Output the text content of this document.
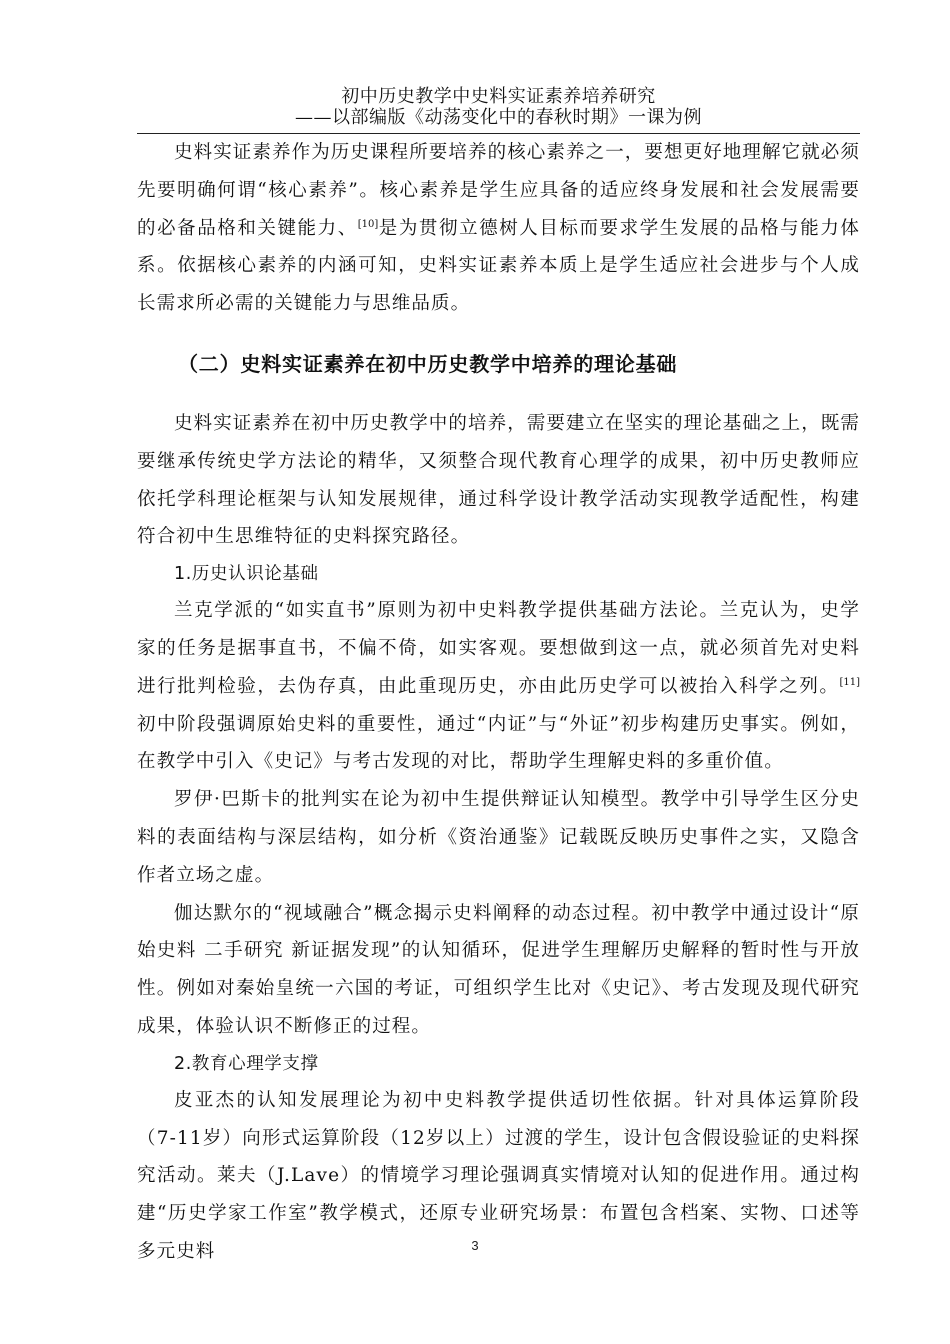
初中历史教学中史料实证素养培养研究
——以部编版《动荡变化中的春秋时期》一课为例

史料实证素养作为历史课程所要培养的核心素养之一，要想更好地理解它就必须先要明确何谓“核心素养”。核心素养是学生应具备的适应终身发展和社会发展需要的必备品格和关键能力、[10]是为贯彻立德树人目标而要求学生发展的品格与能力体系。依据核心素养的内涵可知，史料实证素养本质上是学生适应社会进步与个人成长需求所必需的关键能力与思维品质。

（二）史料实证素养在初中历史教学中培养的理论基础

史料实证素养在初中历史教学中的培养，需要建立在坚实的理论基础之上，既需要继承传统史学方法论的精华，又须整合现代教育心理学的成果，初中历史教师应依托学科理论框架与认知发展规律，通过科学设计教学活动实现教学适配性，构建符合初中生思维特征的史料探究路径。

1.历史认识论基础

兰克学派的“如实直书”原则为初中史料教学提供基础方法论。兰克认为，史学家的任务是据事直书，不偏不倚，如实客观。要想做到这一点，就必须首先对史料进行批判检验，去伪存真，由此重现历史，亦由此历史学可以被抬入科学之列。[11]初中阶段强调原始史料的重要性，通过“内证”与“外证”初步构建历史事实。例如，在教学中引入《史记》与考古发现的对比，帮助学生理解史料的多重价值。

罗伊·巴斯卡的批判实在论为初中生提供辩证认知模型。教学中引导学生区分史料的表面结构与深层结构，如分析《资治通鉴》记载既反映历史事件之实，又隐含作者立场之虚。

伽达默尔的“视域融合”概念揭示史料阐释的动态过程。初中教学中通过设计“原始史料 二手研究 新证据发现”的认知循环，促进学生理解历史解释的暂时性与开放性。例如对秦始皇统一六国的考证，可组织学生比对《史记》、考古发现及现代研究成果，体验认识不断修正的过程。

2.教育心理学支撑

皮亚杰的认知发展理论为初中史料教学提供适切性依据。针对具体运算阶段（7-11岁）向形式运算阶段（12岁以上）过渡的学生，设计包含假设验证的史料探究活动。莱夫（J.Lave）的情境学习理论强调真实情境对认知的促进作用。通过构建“历史学家工作室”教学模式，还原专业研究场景：布置包含档案、实物、口述等多元史料	3
